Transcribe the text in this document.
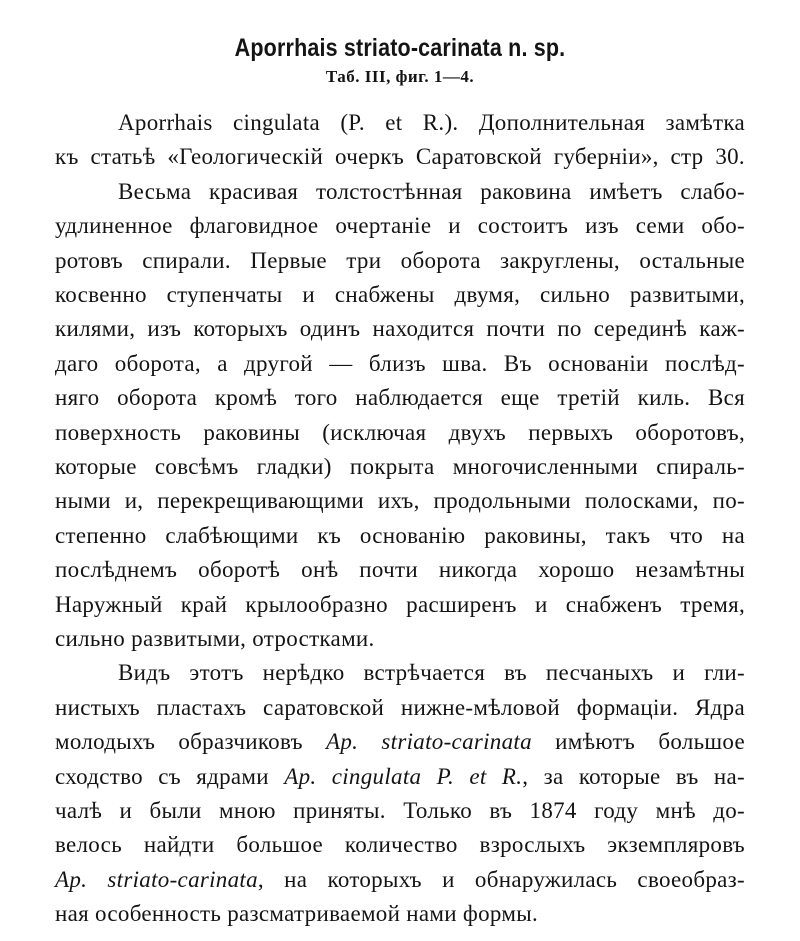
Aporrhais striato-carinata n. sp.
Таб. III, фиг. 1—4.
Aporrhais cingulata (P. et R.). Дополнительная замѣтка
къ статьѣ «Геологическій очеркъ Саратовской губерніи», стр 30.
Весьма красивая толстостѣнная раковина имѣетъ слабо-
удлиненное флаговидное очертаніе и состоитъ изъ семи обо-
ротовъ спирали. Первые три оборота закруглены, остальные
косвенно ступенчаты и снабжены двумя, сильно развитыми,
килями, изъ которыхъ одинъ находится почти по серединѣ каж-
даго оборота, а другой — близъ шва. Въ основаніи послѣд-
няго оборота кромѣ того наблюдается еще третій киль. Вся
поверхность раковины (исключая двухъ первыхъ оборотовъ,
которые совсѣмъ гладки) покрыта многочисленными спираль-
ными и, перекрещивающими ихъ, продольными полосками, по-
степенно слабѣющими къ основанію раковины, такъ что на
послѣднемъ оборотѣ онѣ почти никогда хорошо незамѣтны
Наружный край крылообразно расширенъ и снабженъ тремя,
сильно развитыми, отростками.
Видъ этотъ нерѣдко встрѣчается въ песчаныхъ и гли-
нистыхъ пластахъ саратовской нижне-мѣловой формаціи. Ядра
молодыхъ образчиковъ Ap. striato-carinata имѣютъ большое
сходство съ ядрами Ap. cingulata P. et R., за которые въ на-
чалѣ и были мною приняты. Только въ 1874 году мнѣ до-
велось найдти большое количество взрослыхъ экземпляровъ
Ap. striato-carinata, на которыхъ и обнаружилась своеобраз-
ная особенность разсматриваемой нами формы.
